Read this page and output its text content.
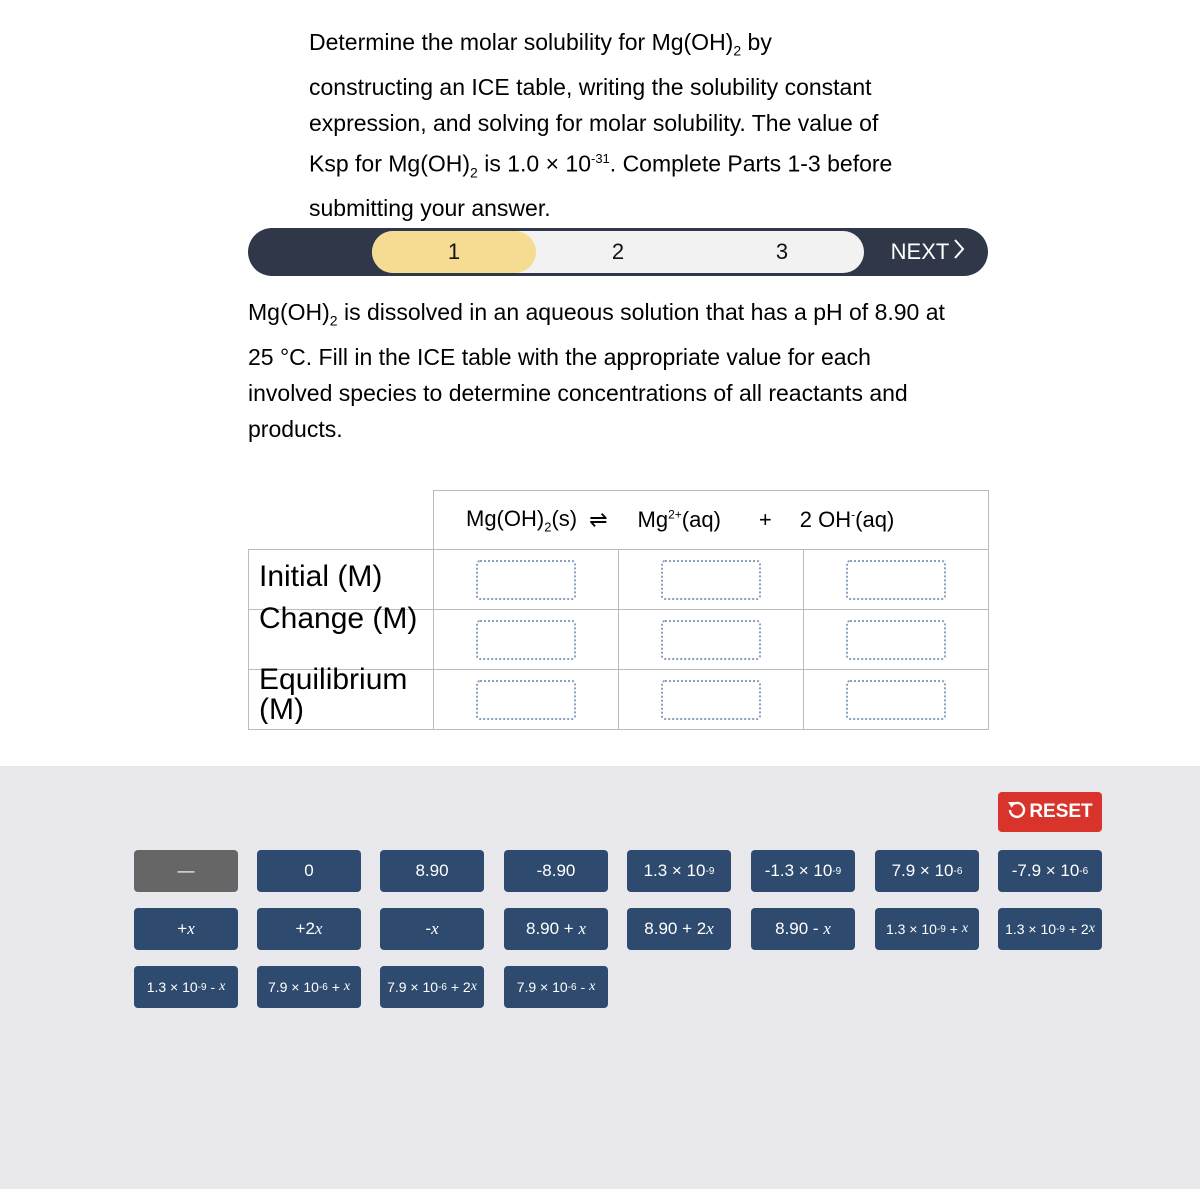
Determine the molar solubility for $Mg(OH)_2$ by
constructing an ICE table, writing the solubility constant
expression, and solving for molar solubility. The value of
Ksp for $Mg(OH)_2$ is $1.0 \times 10^{-31}$. Complete Parts 1-3 before
submitting your answer.
1	2	3	NEXT
$Mg(OH)_2$ is dissolved in an aqueous solution that has a pH of 8.90 at
25 °C. Fill in the ICE table with the appropriate value for each
involved species to determine concentrations of all reactants and
products.

	$Mg(OH)_2(s)$ ⇌ $Mg^{2+}(aq) + 2$ OH-(aq)		

Initial (M)			

Change (M)			

Equilibrium (M)			

RESET
—	0	8.90	-8.90	1.3 × 10 -9	-1.3 × 10 -9	7.9 × 10 -6	-7.9 × 10 -6
+ x	+2 x	- x	8.90 + x	8.90 + 2 x	8.90 - x	1.3 × 10 -9 + x	1.3 × 10 -9 + 2 x
1.3 × 10 -9 - x	7.9 × 10 -6 + x	7.9 × 10 -6 + 2 x	7.9 × 10 -6 - x
